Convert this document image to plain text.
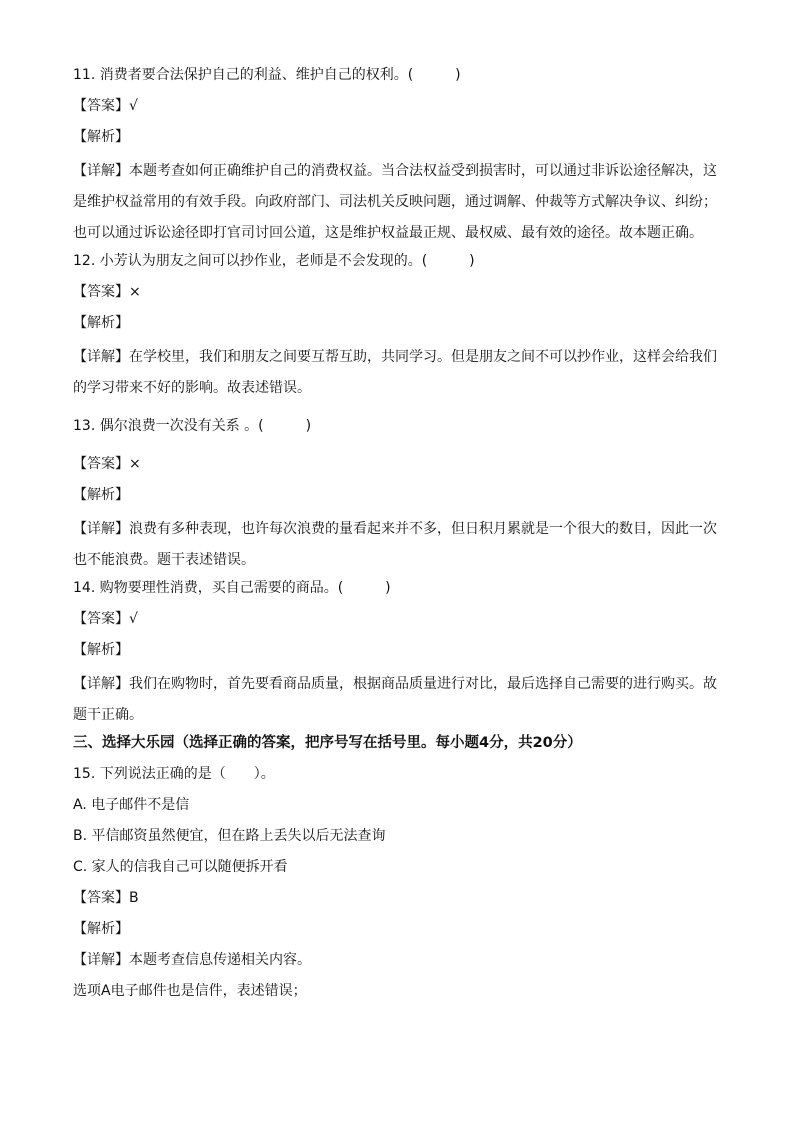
11. 消费者要合法保护自己的利益、维护自己的权利。(　　　)

【答案】√

【解析】

【详解】本题考查如何正确维护自己的消费权益。当合法权益受到损害时，可以通过非诉讼途径解决，这是维护权益常用的有效手段。向政府部门、司法机关反映问题，通过调解、仲裁等方式解决争议、纠纷；也可以通过诉讼途径即打官司讨回公道，这是维护权益最正规、最权威、最有效的途径。故本题正确。

12. 小芳认为朋友之间可以抄作业，老师是不会发现的。(　　　)

【答案】×

【解析】

【详解】在学校里，我们和朋友之间要互帮互助，共同学习。但是朋友之间不可以抄作业，这样会给我们的学习带来不好的影响。故表述错误。

13. 偶尔浪费一次没有关系 。(　　　)

【答案】×

【解析】

【详解】浪费有多种表现，也许每次浪费的量看起来并不多，但日积月累就是一个很大的数目，因此一次也不能浪费。题干表述错误。

14. 购物要理性消费，买自己需要的商品。(　　　)

【答案】√

【解析】

【详解】我们在购物时，首先要看商品质量，根据商品质量进行对比，最后选择自己需要的进行购买。故题干正确。

三、选择大乐园（选择正确的答案，把序号写在括号里。每小题4分，共20分）

15. 下列说法正确的是（　　）。

A. 电子邮件不是信

B. 平信邮资虽然便宜，但在路上丢失以后无法查询

C. 家人的信我自己可以随便拆开看

【答案】B

【解析】

【详解】本题考查信息传递相关内容。

选项A电子邮件也是信件，表述错误；
